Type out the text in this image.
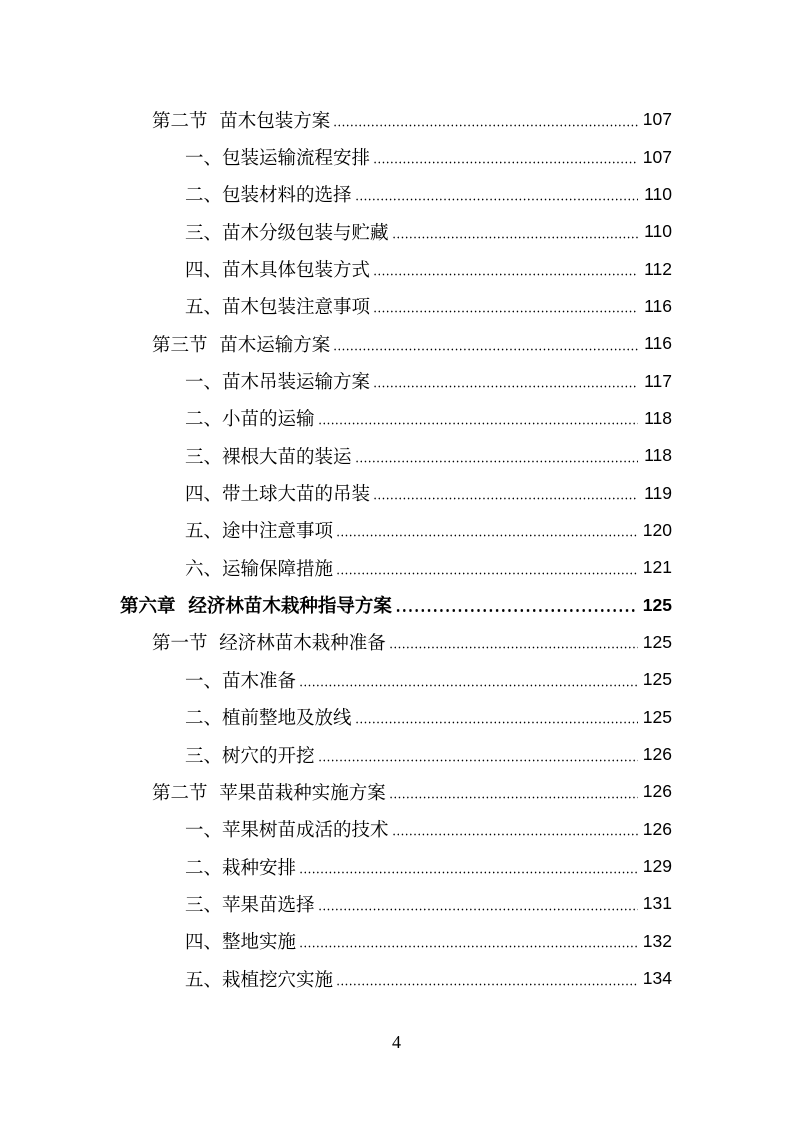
第二节  苗木包装方案	107
一、包装运输流程安排	107
二、包装材料的选择	110
三、苗木分级包装与贮藏	110
四、苗木具体包装方式	112
五、苗木包装注意事项	116
第三节  苗木运输方案	116
一、苗木吊装运输方案	117
二、小苗的运输	118
三、裸根大苗的装运	118
四、带土球大苗的吊装	119
五、途中注意事项	120
六、运输保障措施	121
第六章  经济林苗木栽种指导方案	125
第一节  经济林苗木栽种准备	125
一、苗木准备	125
二、植前整地及放线	125
三、树穴的开挖	126
第二节  苹果苗栽种实施方案	126
一、苹果树苗成活的技术	126
二、栽种安排	129
三、苹果苗选择	131
四、整地实施	132
五、栽植挖穴实施	134
4
